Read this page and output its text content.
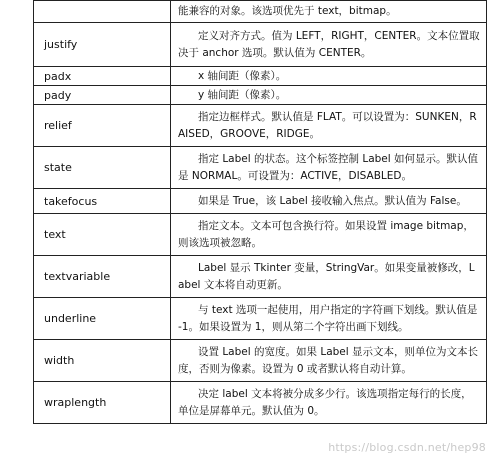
	能兼容的对象。该选项优先于 text，bitmap。
justify	定义对齐方式。值为 LEFT，RIGHT，CENTER。文本位置取决于 anchor 选项。默认值为 CENTER。
padx	x 轴间距（像素）。
pady	y 轴间距（像素）。
relief	指定边框样式。默认值是 FLAT。可以设置为：SUNKEN，RAISED，GROOVE，RIDGE。
state	指定 Label 的状态。这个标签控制 Label 如何显示。默认值是 NORMAL。可设置为：ACTIVE，DISABLED。
takefocus	如果是 True，该 Label 接收输入焦点。默认值为 False。
text	指定文本。文本可包含换行符。如果设置 image bitmap，则该选项被忽略。
textvariable	Label 显示 Tkinter 变量，StringVar。如果变量被修改，Label 文本将自动更新。
underline	与 text 选项一起使用，用户指定的字符画下划线。默认值是 -1。如果设置为 1，则从第二个字符出画下划线。
width	设置 Label 的宽度。如果 Label 显示文本，则单位为文本长度，否则为像素。设置为 0 或者默认将自动计算。
wraplength	决定 label 文本将被分成多少行。该选项指定每行的长度，单位是屏幕单元。默认值为 0。
https://blog.csdn.net/hep98
